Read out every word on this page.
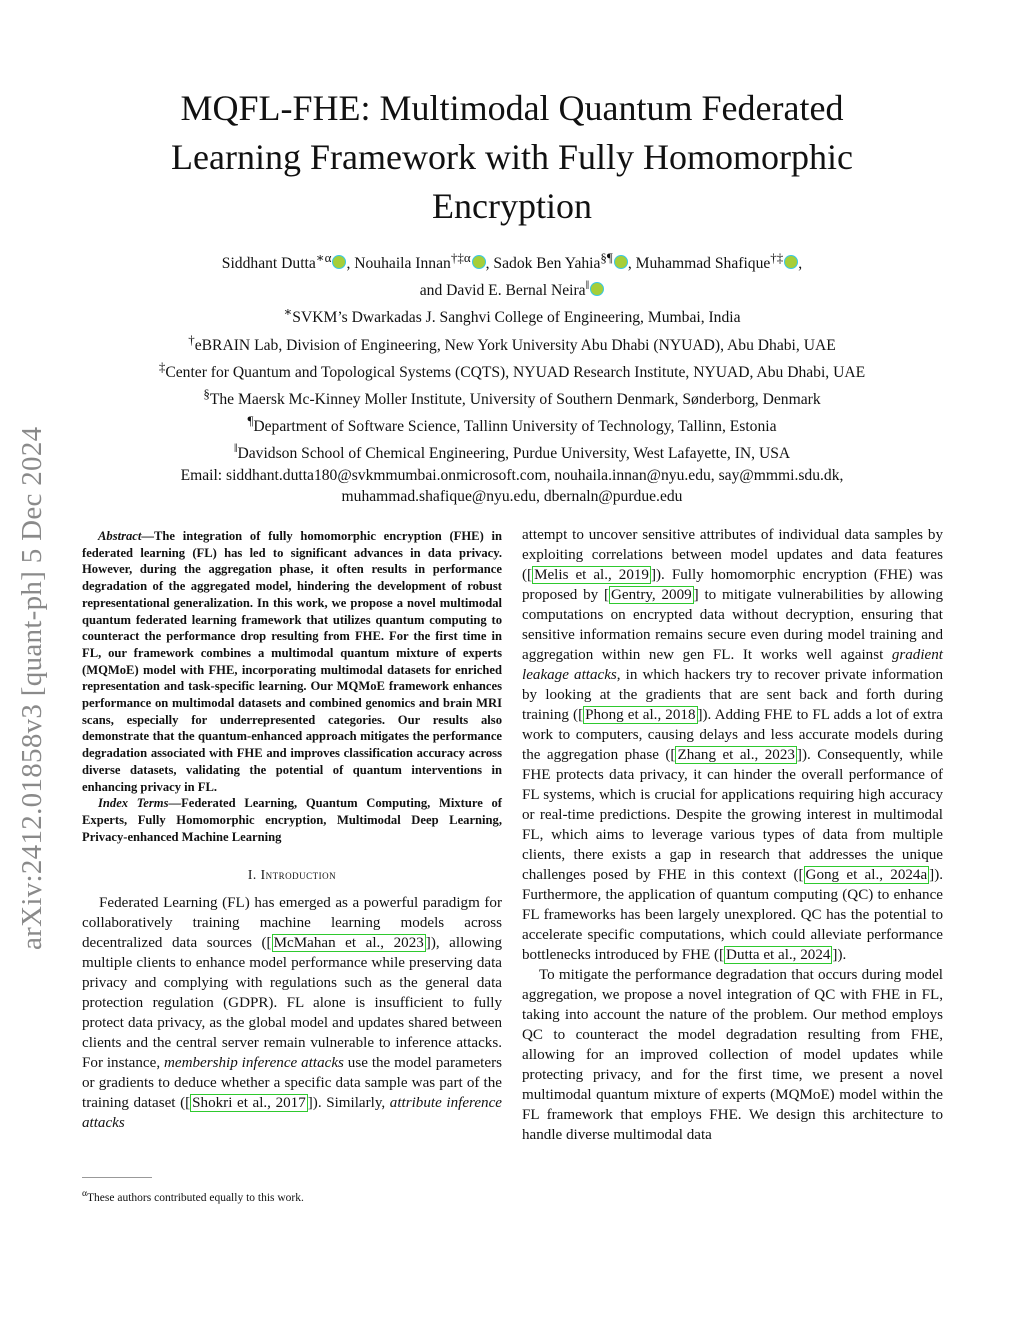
arXiv:2412.01858v3 [quant-ph] 5 Dec 2024
MQFL-FHE: Multimodal Quantum Federated
Learning Framework with Fully Homomorphic
Encryption

Siddhant Dutta$^{∗\alpha}$ , Nouhaila Innan$^{\dagger\ddagger\alpha}$ , Sadok Ben Yahia§¶ , Muhammad Shafique†‡ ,

and David E. Bernal Neira‖

∗SVKM’s Dwarkadas J. Sanghvi College of Engineering, Mumbai, India

†eBRAIN Lab, Division of Engineering, New York University Abu Dhabi (NYUAD), Abu Dhabi, UAE

‡Center for Quantum and Topological Systems (CQTS), NYUAD Research Institute, NYUAD, Abu Dhabi, UAE

§The Maersk Mc-Kinney Moller Institute, University of Southern Denmark, Sønderborg, Denmark

¶Department of Software Science, Tallinn University of Technology, Tallinn, Estonia

‖Davidson School of Chemical Engineering, Purdue University, West Lafayette, IN, USA

Email: siddhant.dutta180@svkmmumbai.onmicrosoft.com, nouhaila.innan@nyu.edu, say@mmmi.sdu.dk,

muhammad.shafique@nyu.edu, dbernaln@purdue.edu

Abstract—The integration of fully homomorphic encryption (FHE) in federated learning (FL) has led to significant advances in data privacy. However, during the aggregation phase, it often results in performance degradation of the aggregated model, hindering the development of robust representational generalization. In this work, we propose a novel multimodal quantum federated learning framework that utilizes quantum computing to counteract the performance drop resulting from FHE. For the first time in FL, our framework combines a multimodal quantum mixture of experts (MQMoE) model with FHE, incorporating multimodal datasets for enriched representation and task-specific learning. Our MQMoE framework enhances performance on multimodal datasets and combined genomics and brain MRI scans, especially for underrepresented categories. Our results also demonstrate that the quantum-enhanced approach mitigates the performance degradation associated with FHE and improves classification accuracy across diverse datasets, validating the potential of quantum interventions in enhancing privacy in FL.

Index Terms—Federated Learning, Quantum Computing, Mixture of Experts, Fully Homomorphic encryption, Multimodal Deep Learning, Privacy-enhanced Machine Learning

I. Introduction

Federated Learning (FL) has emerged as a powerful paradigm for collaboratively training machine learning models across decentralized data sources ([ McMahan et al., 2023 ]), allowing multiple clients to enhance model performance while preserving data privacy and complying with regulations such as the general data protection regulation (GDPR). FL alone is insufficient to fully protect data privacy, as the global model and updates shared between clients and the central server remain vulnerable to inference attacks. For instance, membership inference attacks use the model parameters or gradients to deduce whether a specific data sample was part of the training dataset ([ Shokri et al., 2017 ]). Similarly, attribute inference attacks

$^\alpha$These authors contributed equally to this work.

attempt to uncover sensitive attributes of individual data samples by exploiting correlations between model updates and data features ([ Melis et al., 2019 ]). Fully homomorphic encryption (FHE) was proposed by [ Gentry, 2009 ] to mitigate vulnerabilities by allowing computations on encrypted data without decryption, ensuring that sensitive information remains secure even during model training and aggregation within new gen FL. It works well against gradient leakage attacks, in which hackers try to recover private information by looking at the gradients that are sent back and forth during training ([ Phong et al., 2018 ]). Adding FHE to FL adds a lot of extra work to computers, causing delays and less accurate models during the aggregation phase ([ Zhang et al., 2023 ]). Consequently, while FHE protects data privacy, it can hinder the overall performance of FL systems, which is crucial for applications requiring high accuracy or real-time predictions. Despite the growing interest in multimodal FL, which aims to leverage various types of data from multiple clients, there exists a gap in research that addresses the unique challenges posed by FHE in this context ([ Gong et al., 2024a ]). Furthermore, the application of quantum computing (QC) to enhance FL frameworks has been largely unexplored. QC has the potential to accelerate specific computations, which could alleviate performance bottlenecks introduced by FHE ([ Dutta et al., 2024 ]).

To mitigate the performance degradation that occurs during model aggregation, we propose a novel integration of QC with FHE in FL, taking into account the nature of the problem. Our method employs QC to counteract the model degradation resulting from FHE, allowing for an improved collection of model updates while protecting privacy, and for the first time, we present a novel multimodal quantum mixture of experts (MQMoE) model within the FL framework that employs FHE. We design this architecture to handle diverse multimodal data
